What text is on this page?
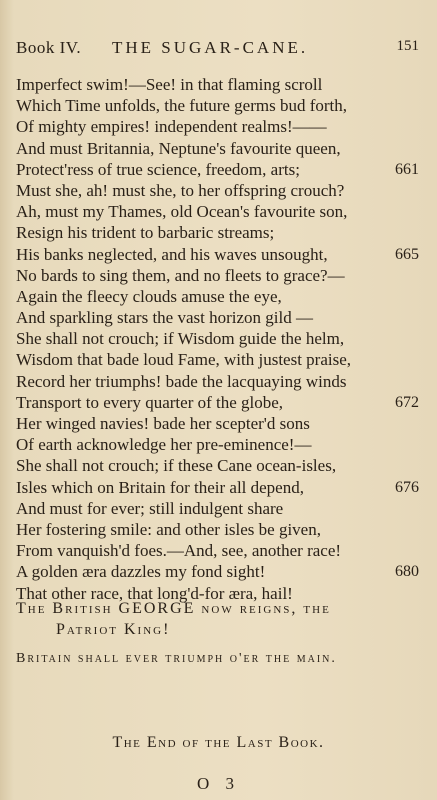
Book IV. THE SUGAR-CANE.	151
Imperfect swim!—See! in that flaming scroll
Which Time unfolds, the future germs bud forth,
Of mighty empires! independent realms!——
And must Britannia, Neptune's favourite queen,
Protect'ress of true science, freedom, arts;	661
Must she, ah! must she, to her offspring crouch?
Ah, must my Thames, old Ocean's favourite son,
Resign his trident to barbaric streams;
His banks neglected, and his waves unsought,	665
No bards to sing them, and no fleets to grace?—
Again the fleecy clouds amuse the eye,
And sparkling stars the vast horizon gild —
She shall not crouch; if Wisdom guide the helm,
Wisdom that bade loud Fame, with justest praise,
Record her triumphs! bade the lacquaying winds
Transport to every quarter of the globe,	672
Her winged navies! bade her scepter'd sons
Of earth acknowledge her pre-eminence!—
She shall not crouch; if these Cane ocean-isles,
Isles which on Britain for their all depend,	676
And must for ever; still indulgent share
Her fostering smile: and other isles be given,
From vanquish'd foes.—And, see, another race!
A golden æra dazzles my fond sight!	680
That other race, that long'd-for æra, hail!
The British GEORGE now reigns, the
Patriot King!
Britain shall ever triumph o'er the main.
The End of the Last Book.
O 3
